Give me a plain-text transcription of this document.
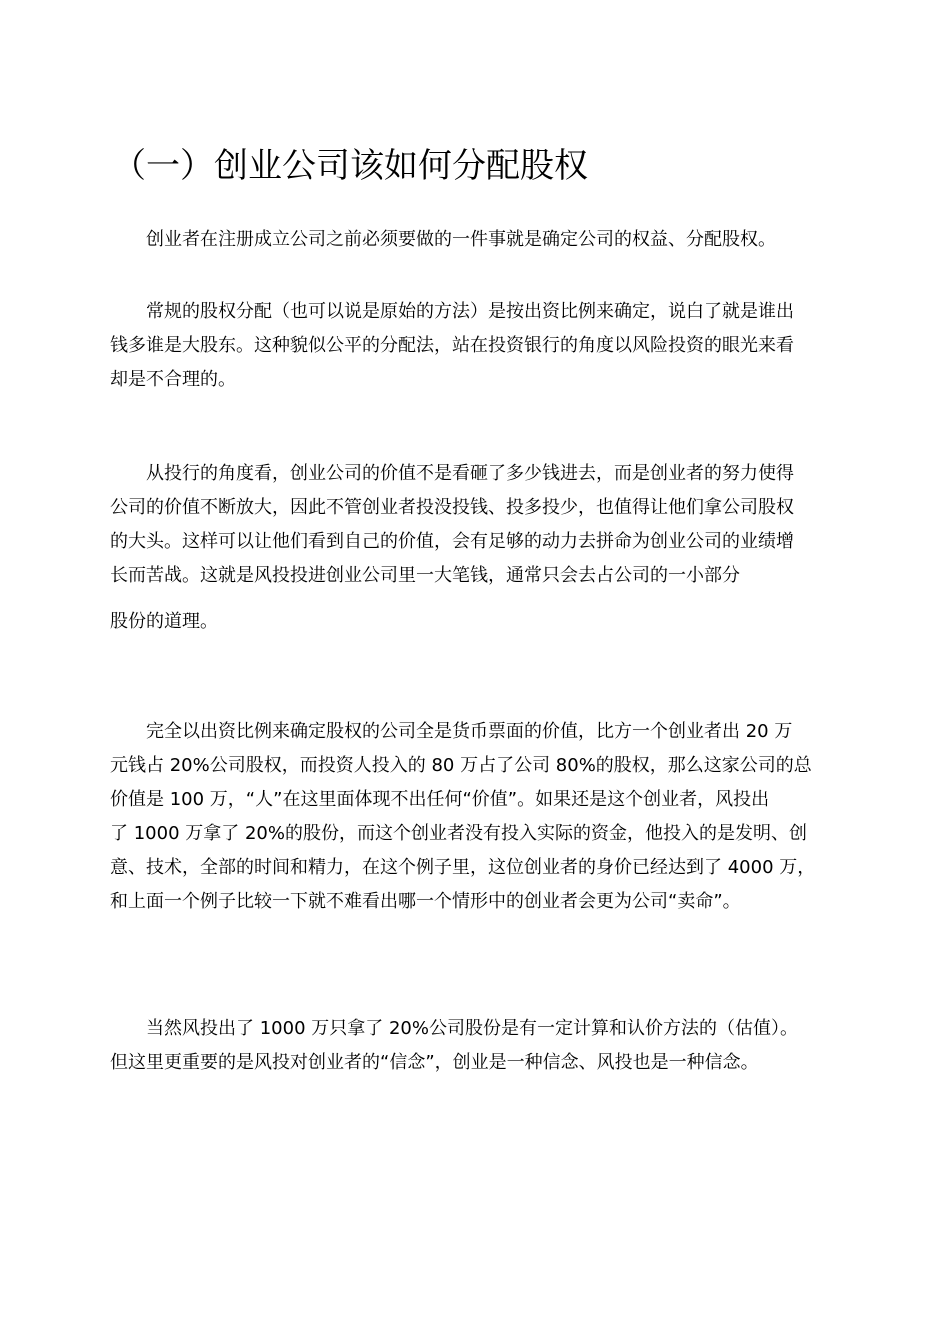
（一）创业公司该如何分配股权
创业者在注册成立公司之前必须要做的一件事就是确定公司的权益、分配股权。
常规的股权分配（也可以说是原始的方法）是按出资比例来确定，说白了就是谁出
钱多谁是大股东。这种貌似公平的分配法，站在投资银行的角度以风险投资的眼光来看
却是不合理的。
从投行的角度看，创业公司的价值不是看砸了多少钱进去，而是创业者的努力使得
公司的价值不断放大，因此不管创业者投没投钱、投多投少，也值得让他们拿公司股权
的大头。这样可以让他们看到自己的价值，会有足够的动力去拼命为创业公司的业绩增
长而苦战。这就是风投投进创业公司里一大笔钱，通常只会去占公司的一小部分
股份的道理。
完全以出资比例来确定股权的公司全是货币票面的价值，比方一个创业者出 20 万
元钱占 20%公司股权，而投资人投入的 80 万占了公司 80%的股权，那么这家公司的总
价值是 100 万，“人”在这里面体现不出任何“价值”。如果还是这个创业者，风投出
了 1000 万拿了 20%的股份，而这个创业者没有投入实际的资金，他投入的是发明、创
意、技术，全部的时间和精力，在这个例子里，这位创业者的身价已经达到了 4000 万，
和上面一个例子比较一下就不难看出哪一个情形中的创业者会更为公司“卖命”。
当然风投出了 1000 万只拿了 20%公司股份是有一定计算和认价方法的（估值）。
但这里更重要的是风投对创业者的“信念”，创业是一种信念、风投也是一种信念。
